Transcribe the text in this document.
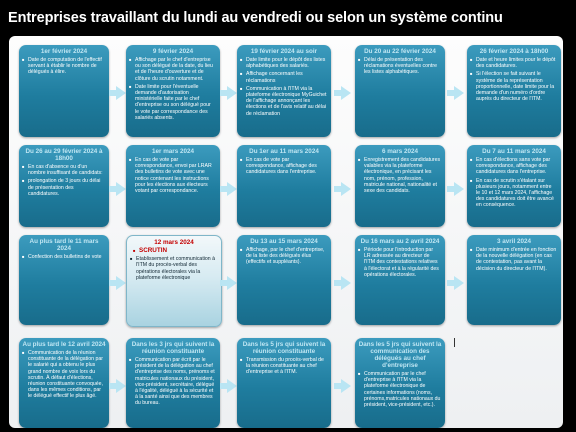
Entreprises travaillant du lundi au vendredi ou selon un système continu
1er février 2024
■ Date de computation de l'effectif servant à établir le nombre de délégués à élire.
9 février 2024
■ Affichage par le chef d'entreprise ou son délégué de la date, du lieu et de l'heure d'ouverture et de clôture du scrutin notamment.
■ Date limite pour l'éventuelle demande d'autorisation ministérielle faite par le chef d'entreprise ou son délégué pour le vote par correspondance des salariés absents.
19 février 2024 au soir
■ Date limite pour le dépôt des listes alphabétiques des salariés.
■ Affichage concernant les réclamations
■ Communication à l'ITM via la plateforme électronique MyGuichet de l'affichage annonçant les élections et de l'avis relatif au délai de réclamation
Du 20 au 22 février 2024
■ Délai de présentation des réclamations éventuelles contre les listes alphabétiques.
26 février 2024 à 18h00
■ Date et heure limites pour le dépôt des candidatures.
■ Si l'élection se fait suivant le système de la représentation proportionnelle, date limite pour la demande d'un numéro d'ordre auprès du directeur de l'ITM.
Du 26 au 29 février 2024 à 18h00
■ En cas d'absence ou d'un nombre insuffisant de candidats:
■ prolongation de 3 jours du délai de présentation des candidatures.
1er mars 2024
■ En cas de vote par correspondance, envoi par LRAR des bulletins de vote avec une notice contenant les instructions pour les élections aux électeurs votant par correspondance.
Du 1er au 11 mars 2024
■ En cas de vote par correspondance, affichage des candidatures dans l'entreprise.
6 mars 2024
■ Enregistrement des candidatures valables via la plateforme électronique, en précisant les nom, prénom, profession, matricule national, nationalité et sexe des candidats.
Du 7 au 11 mars 2024
■ En cas d'élections sans vote par correspondance, affichage des candidatures dans l'entreprise.
■ En cas de scrutin s'étalant sur plusieurs jours, notamment entre le 10 et 12 mars 2024, l'affichage des candidatures doit être avancé en conséquence.
Au plus tard le 11 mars 2024
■ Confection des bulletins de vote
12 mars 2024
■ SCRUTIN
■ Etablissement et communication à l'ITM du procès-verbal des opérations électorales via la plateforme électronique
Du 13 au 15 mars 2024
■ Affichage, par le chef d'entreprise, de la liste des délégués élus (effectifs et suppléants).
Du 16 mars au 2 avril 2024
■ Période pour l'introduction par LR adressée au directeur de l'ITM des contestations relatives à l'électorat et à la régularité des opérations électorales.
3 avril 2024
■ Date minimum d'entrée en fonction de la nouvelle délégation (en cas de contestation, pas avant la décision du directeur de l'ITM).
Au plus tard le 12 avril 2024
■ Communication de la réunion constituante de la délégation par le salarié qui a obtenu le plus grand nombre de voix lors du scrutin. À défaut d'élections, réunion constituante convoquée, dans les mêmes conditions, par le délégué effectif le plus âgé.
Dans les 3 jrs qui suivent la réunion constituante
■ Communication par écrit par le président de la délégation au chef d'entreprise des noms, prénoms et matricules nationaux du président, vice-président, secrétaire, délégué à l'égalité, délégué à la sécurité et à la santé ainsi que des membres du bureau.
Dans les 5 jrs qui suivent la réunion constituante
■ Transmission du procès-verbal de la réunion constituante au chef d'entreprise et à l'ITM.
Dans les 5 jrs qui suivent la communication des délégués au chef d'entreprise
■ Communication par le chef d'entreprise à l'ITM via la plateforme électronique de certaines informations (noms, prénoms,matricules nationaux du président, vice-président, etc.).
